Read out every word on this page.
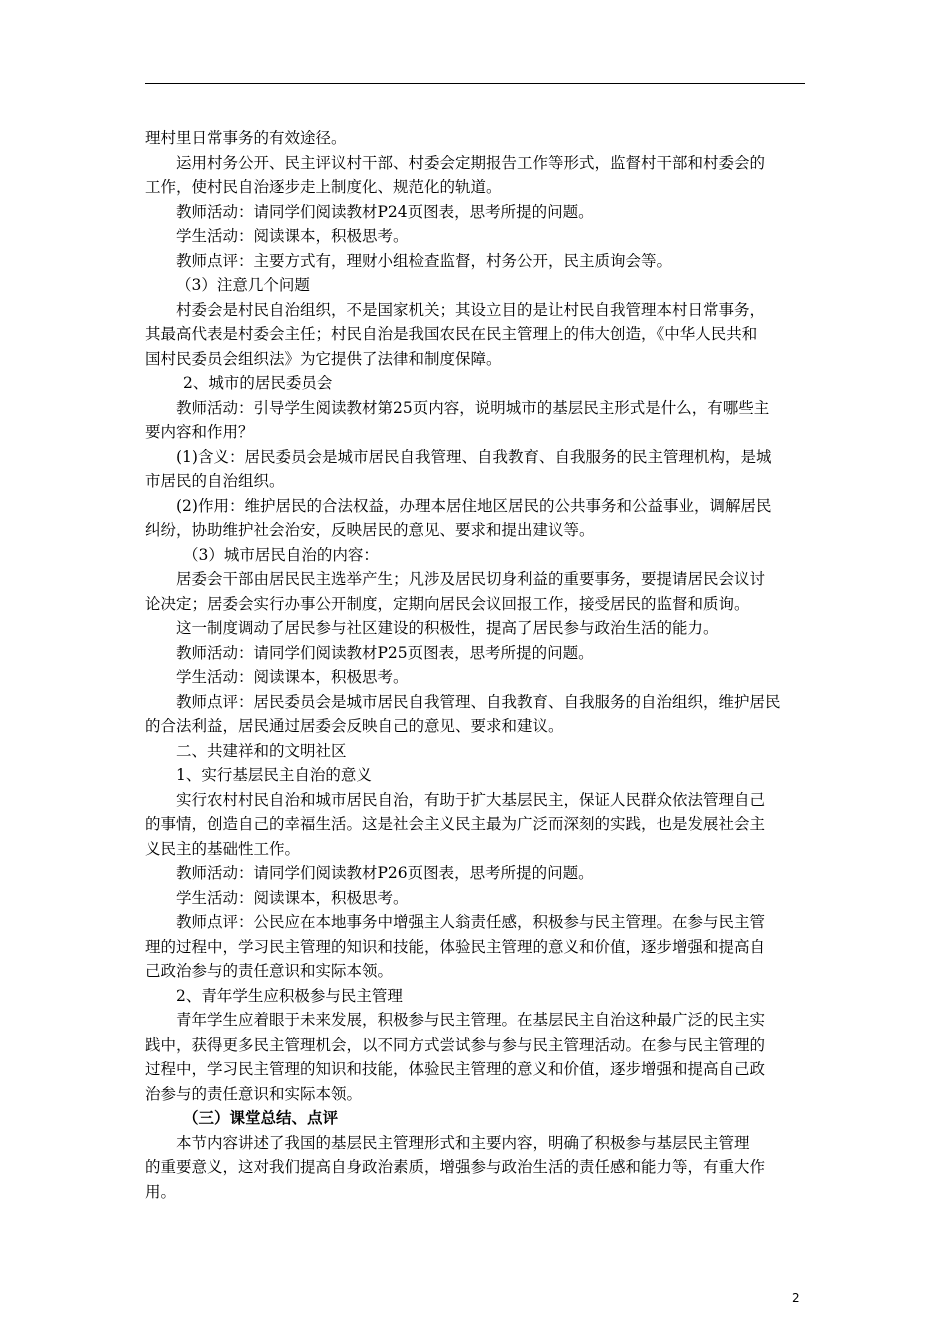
理村里日常事务的有效途径。
运用村务公开、民主评议村干部、村委会定期报告工作等形式，监督村干部和村委会的
工作，使村民自治逐步走上制度化、规范化的轨道。
教师活动：请同学们阅读教材P24页图表，思考所提的问题。
学生活动：阅读课本，积极思考。
教师点评：主要方式有，理财小组检查监督，村务公开，民主质询会等。
（3）注意几个问题
村委会是村民自治组织，不是国家机关；其设立目的是让村民自我管理本村日常事务，
其最高代表是村委会主任；村民自治是我国农民在民主管理上的伟大创造，《中华人民共和
国村民委员会组织法》为它提供了法律和制度保障。
2、城市的居民委员会
教师活动：引导学生阅读教材第25页内容，说明城市的基层民主形式是什么，有哪些主
要内容和作用？
(1)含义：居民委员会是城市居民自我管理、自我教育、自我服务的民主管理机构，是城
市居民的自治组织。
(2)作用：维护居民的合法权益，办理本居住地区居民的公共事务和公益事业，调解居民
纠纷，协助维护社会治安，反映居民的意见、要求和提出建议等。
（3）城市居民自治的内容：
居委会干部由居民民主选举产生；凡涉及居民切身利益的重要事务，要提请居民会议讨
论决定；居委会实行办事公开制度，定期向居民会议回报工作，接受居民的监督和质询。
这一制度调动了居民参与社区建设的积极性，提高了居民参与政治生活的能力。
教师活动：请同学们阅读教材P25页图表，思考所提的问题。
学生活动：阅读课本，积极思考。
教师点评：居民委员会是城市居民自我管理、自我教育、自我服务的自治组织，维护居民
的合法利益，居民通过居委会反映自己的意见、要求和建议。
二、共建祥和的文明社区
1、实行基层民主自治的意义
实行农村村民自治和城市居民自治，有助于扩大基层民主，保证人民群众依法管理自己
的事情，创造自己的幸福生活。这是社会主义民主最为广泛而深刻的实践，也是发展社会主
义民主的基础性工作。
教师活动：请同学们阅读教材P26页图表，思考所提的问题。
学生活动：阅读课本，积极思考。
教师点评：公民应在本地事务中增强主人翁责任感，积极参与民主管理。在参与民主管
理的过程中，学习民主管理的知识和技能，体验民主管理的意义和价值，逐步增强和提高自
己政治参与的责任意识和实际本领。
2、青年学生应积极参与民主管理
青年学生应着眼于未来发展，积极参与民主管理。在基层民主自治这种最广泛的民主实
践中，获得更多民主管理机会，以不同方式尝试参与参与民主管理活动。在参与民主管理的
过程中，学习民主管理的知识和技能，体验民主管理的意义和价值，逐步增强和提高自己政
治参与的责任意识和实际本领。
（三）课堂总结、点评
本节内容讲述了我国的基层民主管理形式和主要内容，明确了积极参与基层民主管理
的重要意义，这对我们提高自身政治素质，增强参与政治生活的责任感和能力等，有重大作
用。
2
